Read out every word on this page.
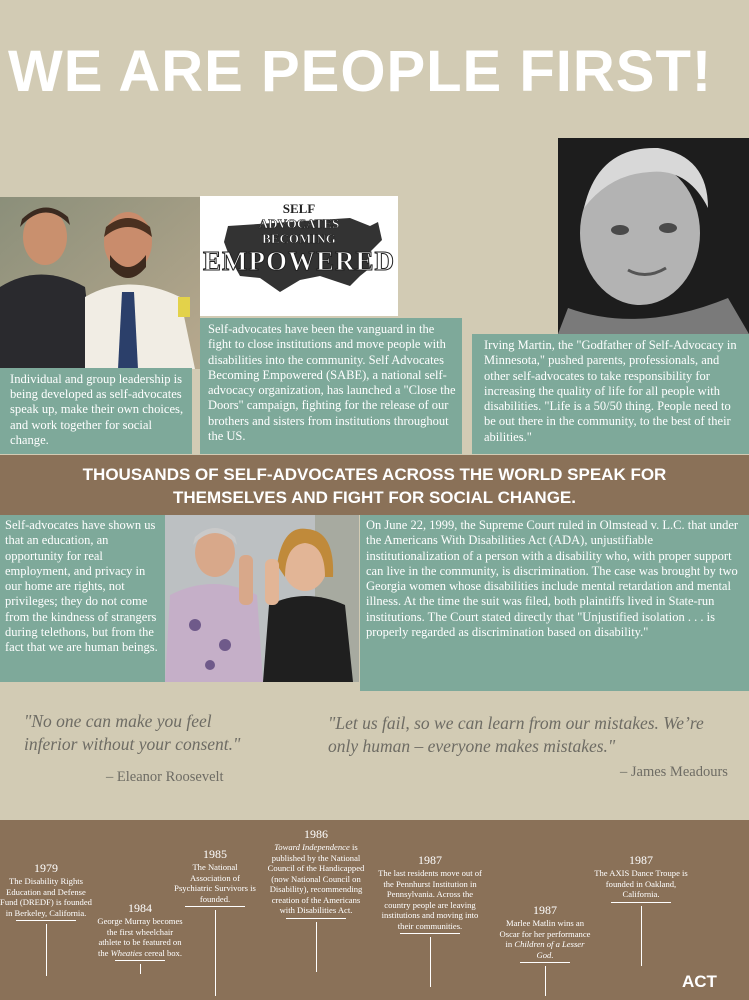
WE ARE PEOPLE FIRST!
SELF
ADVOCATES
BECOMING
EMPOWERED

Individual and group leadership is being developed as self-advocates speak up, make their own choices, and work together for social change.

Self-advocates have been the vanguard in the fight to close institutions and move people with disabilities into the community. Self Advocates Becoming Empowered (SABE), a national self-advocacy organization, has launched a "Close the Doors" campaign, fighting for the release of our brothers and sisters from institutions throughout the US.

Irving Martin, the "Godfather of Self-Advocacy in Minnesota," pushed parents, professionals, and other self-advocates to take responsibility for increasing the quality of life for all people with disabilities. "Life is a 50/50 thing. People need to be out there in the community, to the best of their abilities."

THOUSANDS OF SELF-ADVOCATES ACROSS THE WORLD SPEAK FOR
THEMSELVES AND FIGHT FOR SOCIAL CHANGE.

Self-advocates have shown us that an education, an opportunity for real employment, and privacy in our home are rights, not privileges; they do not come from the kindness of strangers during telethons, but from the fact that we are human beings.

On June 22, 1999, the Supreme Court ruled in Olmstead v. L.C. that under the Americans With Disabilities Act (ADA), unjustifiable institutionalization of a person with a disability who, with proper support can live in the community, is discrimination. The case was brought by two Georgia women whose disabilities include mental retardation and mental illness. At the time the suit was filed, both plaintiffs lived in State-run institutions. The Court stated directly that "Unjustified isolation . . . is properly regarded as discrimination based on disability."

"No one can make you feel inferior without your consent."
– Eleanor Roosevelt
"Let us fail, so we can learn from our mistakes. We’re only human – everyone makes mistakes."
– James Meadours
1979
The Disability Rights Education and Defense Fund (DREDF) is founded in Berkeley, California.	1984
George Murray becomes the first wheelchair athlete to be featured on the Wheaties cereal box.
1985
The National Association of Psychiatric Survivors is founded.
1986
Toward Independence is published by the National Council of the Handicapped (now National Council on Disability), recommending creation of the Americans with Disabilities Act.
1987
The last residents move out of the Pennhurst Institution in Pennsylvania. Across the country people are leaving institutions and moving into their communities.
1987
Marlee Matlin wins an Oscar for her performance in Children of a Lesser God.
1987
The AXIS Dance Troupe is founded in Oakland, California.
ACT
